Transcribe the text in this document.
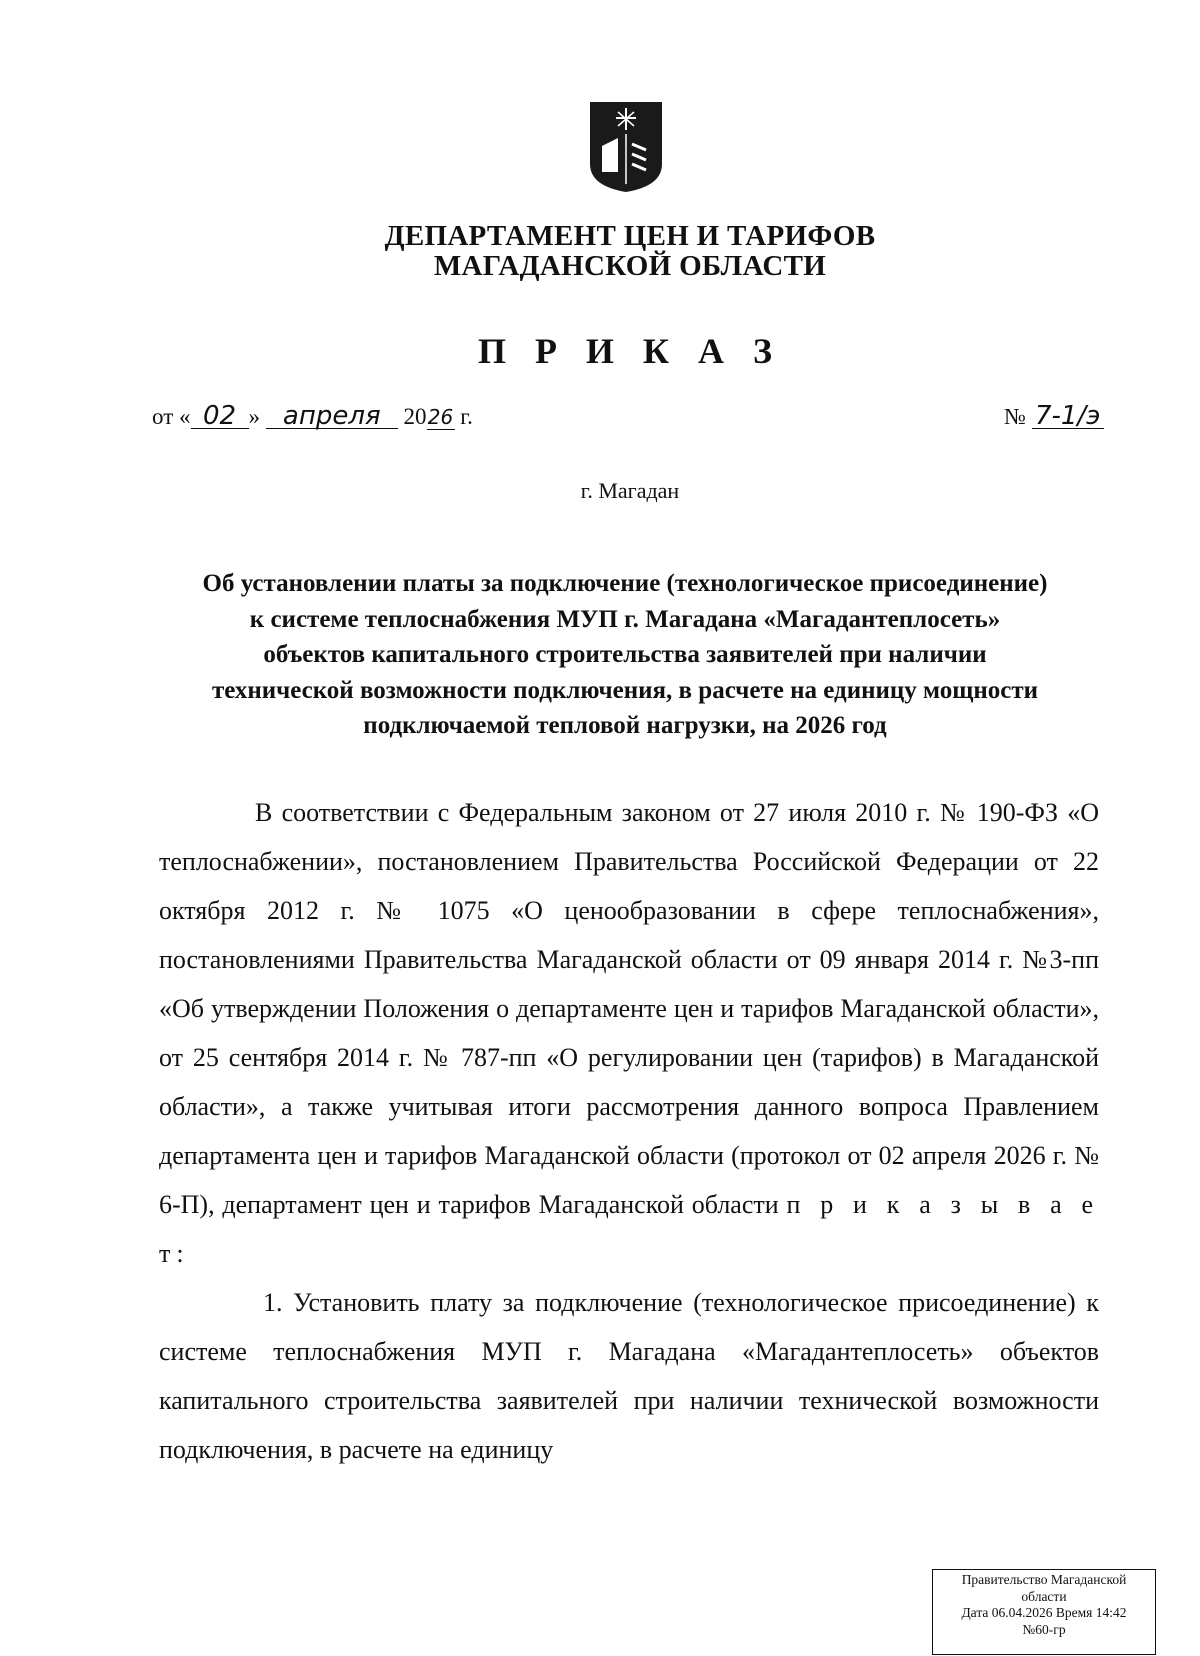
ДЕПАРТАМЕНТ ЦЕН И ТАРИФОВ
МАГАДАНСКОЙ ОБЛАСТИ
П Р И К А З
от « 02 » апреля 2026 г.	№ 7-1/э
г. Магадан
Об установлении платы за подключение (технологическое присоединение) к системе теплоснабжения МУП г. Магадана «Магадантеплосеть» объектов капитального строительства заявителей при наличии технической возможности подключения, в расчете на единицу мощности подключаемой тепловой нагрузки, на 2026 год

В соответствии с Федеральным законом от 27 июля 2010 г. № 190-ФЗ «О теплоснабжении», постановлением Правительства Российской Федерации от 22 октября 2012 г. № 1075 «О ценообразовании в сфере теплоснабжения», постановлениями Правительства Магаданской области от 09 января 2014 г. №3-пп «Об утверждении Положения о департаменте цен и тарифов Магаданской области», от 25 сентября 2014 г. № 787-пп «О регулировании цен (тарифов) в Магаданской области», а также учитывая итоги рассмотрения данного вопроса Правлением департамента цен и тарифов Магаданской области (протокол от 02 апреля 2026 г. № 6-П), департамент цен и тарифов Магаданской области п р и к а з ы в а е т:

1. Установить плату за подключение (технологическое присоединение) к системе теплоснабжения МУП г. Магадана «Магадантеплосеть» объектов капитального строительства заявителей при наличии технической возможности подключения, в расчете на единицу

Правительство Магаданской
области
Дата 06.04.2026 Время 14:42
№60-гр
